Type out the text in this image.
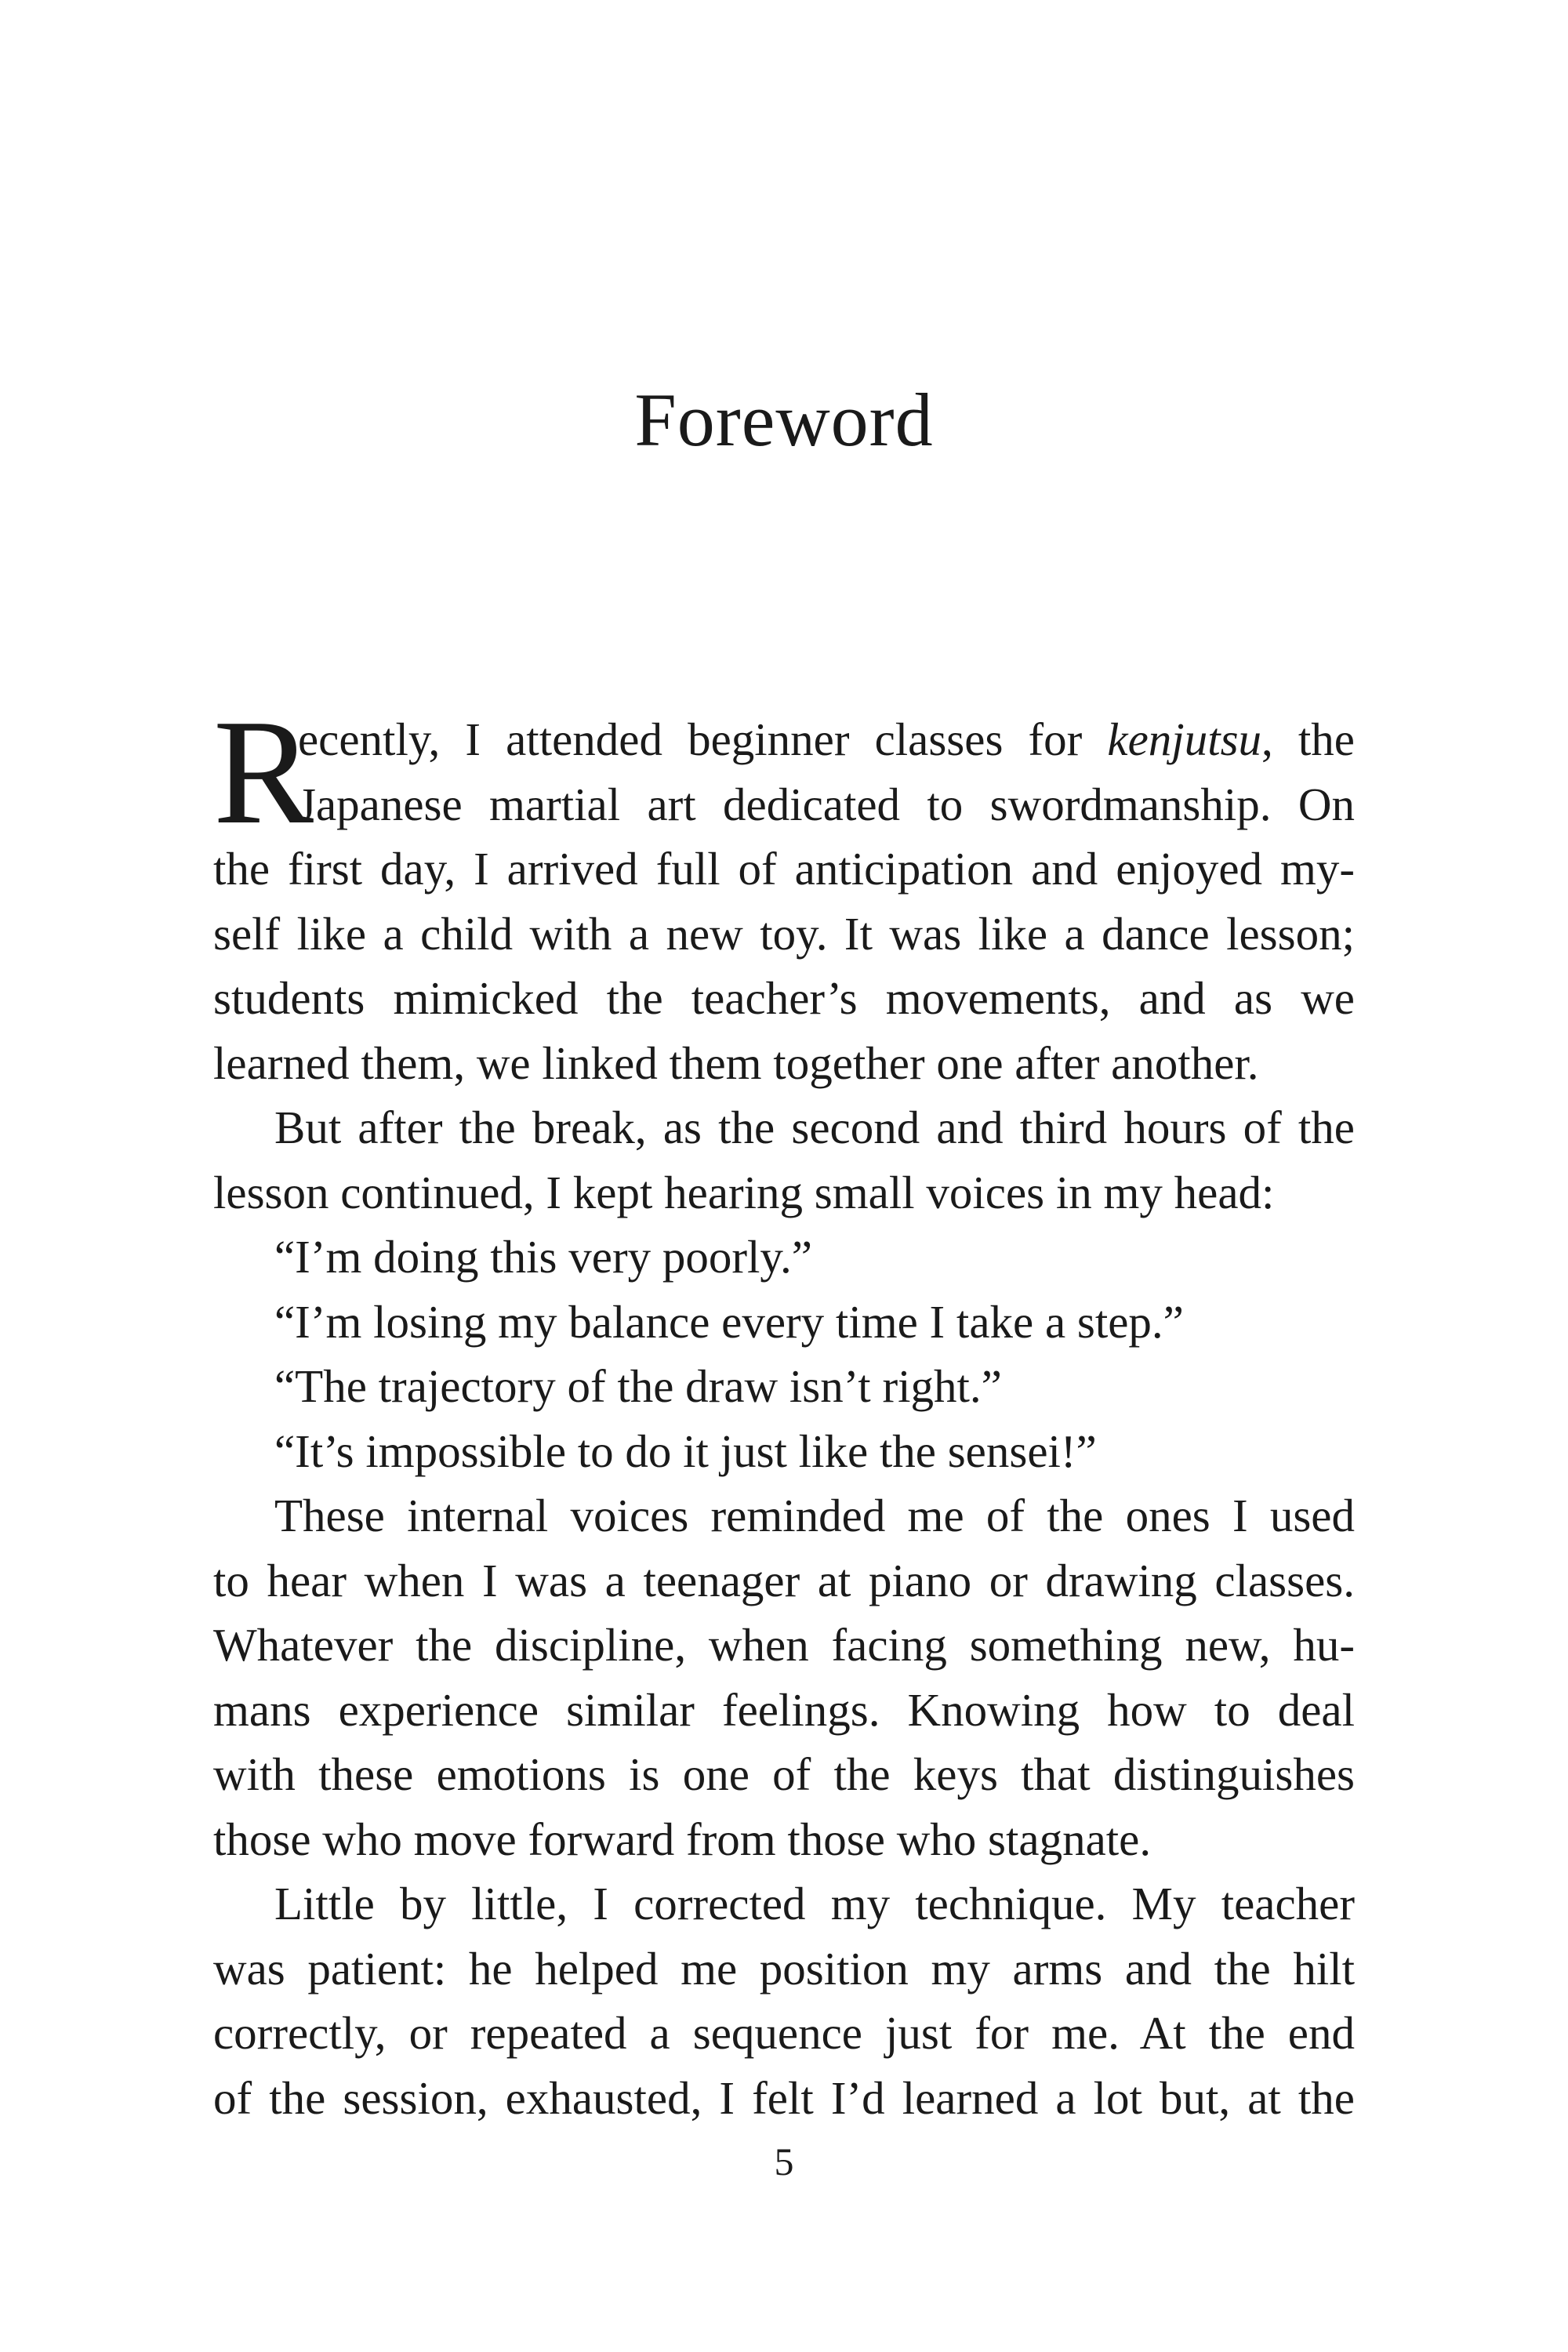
Foreword
R
ecently, I attended beginner classes for kenjutsu, the
Japanese martial art dedicated to swordmanship. On
the first day, I arrived full of anticipation and enjoyed my-
self like a child with a new toy. It was like a dance lesson;
students mimicked the teacher’s movements, and as we
learned them, we linked them together one after another.
But after the break, as the second and third hours of the
lesson continued, I kept hearing small voices in my head:
“I’m doing this very poorly.”
“I’m losing my balance every time I take a step.”
“The trajectory of the draw isn’t right.”
“It’s impossible to do it just like the sensei!”
These internal voices reminded me of the ones I used
to hear when I was a teenager at piano or drawing classes.
Whatever the discipline, when facing something new, hu-
mans experience similar feelings. Knowing how to deal
with these emotions is one of the keys that distinguishes
those who move forward from those who stagnate.
Little by little, I corrected my technique. My teacher
was patient: he helped me position my arms and the hilt
correctly, or repeated a sequence just for me. At the end
of the session, exhausted, I felt I’d learned a lot but, at the
5
